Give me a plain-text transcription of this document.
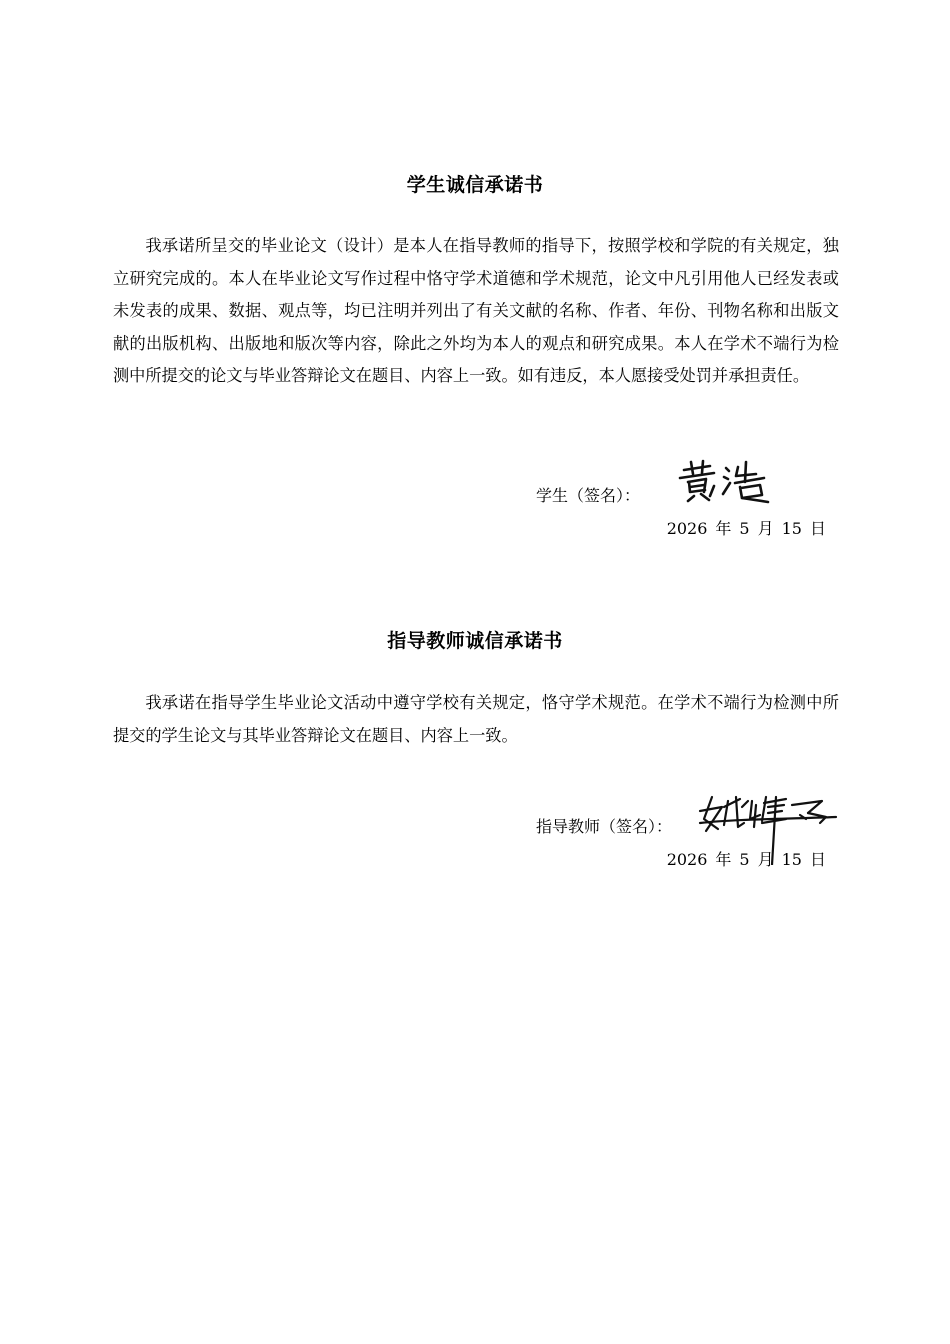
学生诚信承诺书
我承诺所呈交的毕业论文（设计）是本人在指导教师的指导下，按照学校和学院的有关规定，独立研究完成的。本人在毕业论文写作过程中恪守学术道德和学术规范，论文中凡引用他人已经发表或未发表的成果、数据、观点等，均已注明并列出了有关文献的名称、作者、年份、刊物名称和出版文献的出版机构、出版地和版次等内容，除此之外均为本人的观点和研究成果。本人在学术不端行为检测中所提交的论文与毕业答辩论文在题目、内容上一致。如有违反，本人愿接受处罚并承担责任。
学生（签名）：
2026 年 5 月 15 日
指导教师诚信承诺书
我承诺在指导学生毕业论文活动中遵守学校有关规定，恪守学术规范。在学术不端行为检测中所提交的学生论文与其毕业答辩论文在题目、内容上一致。
指导教师（签名）：
2026 年 5 月 15 日
